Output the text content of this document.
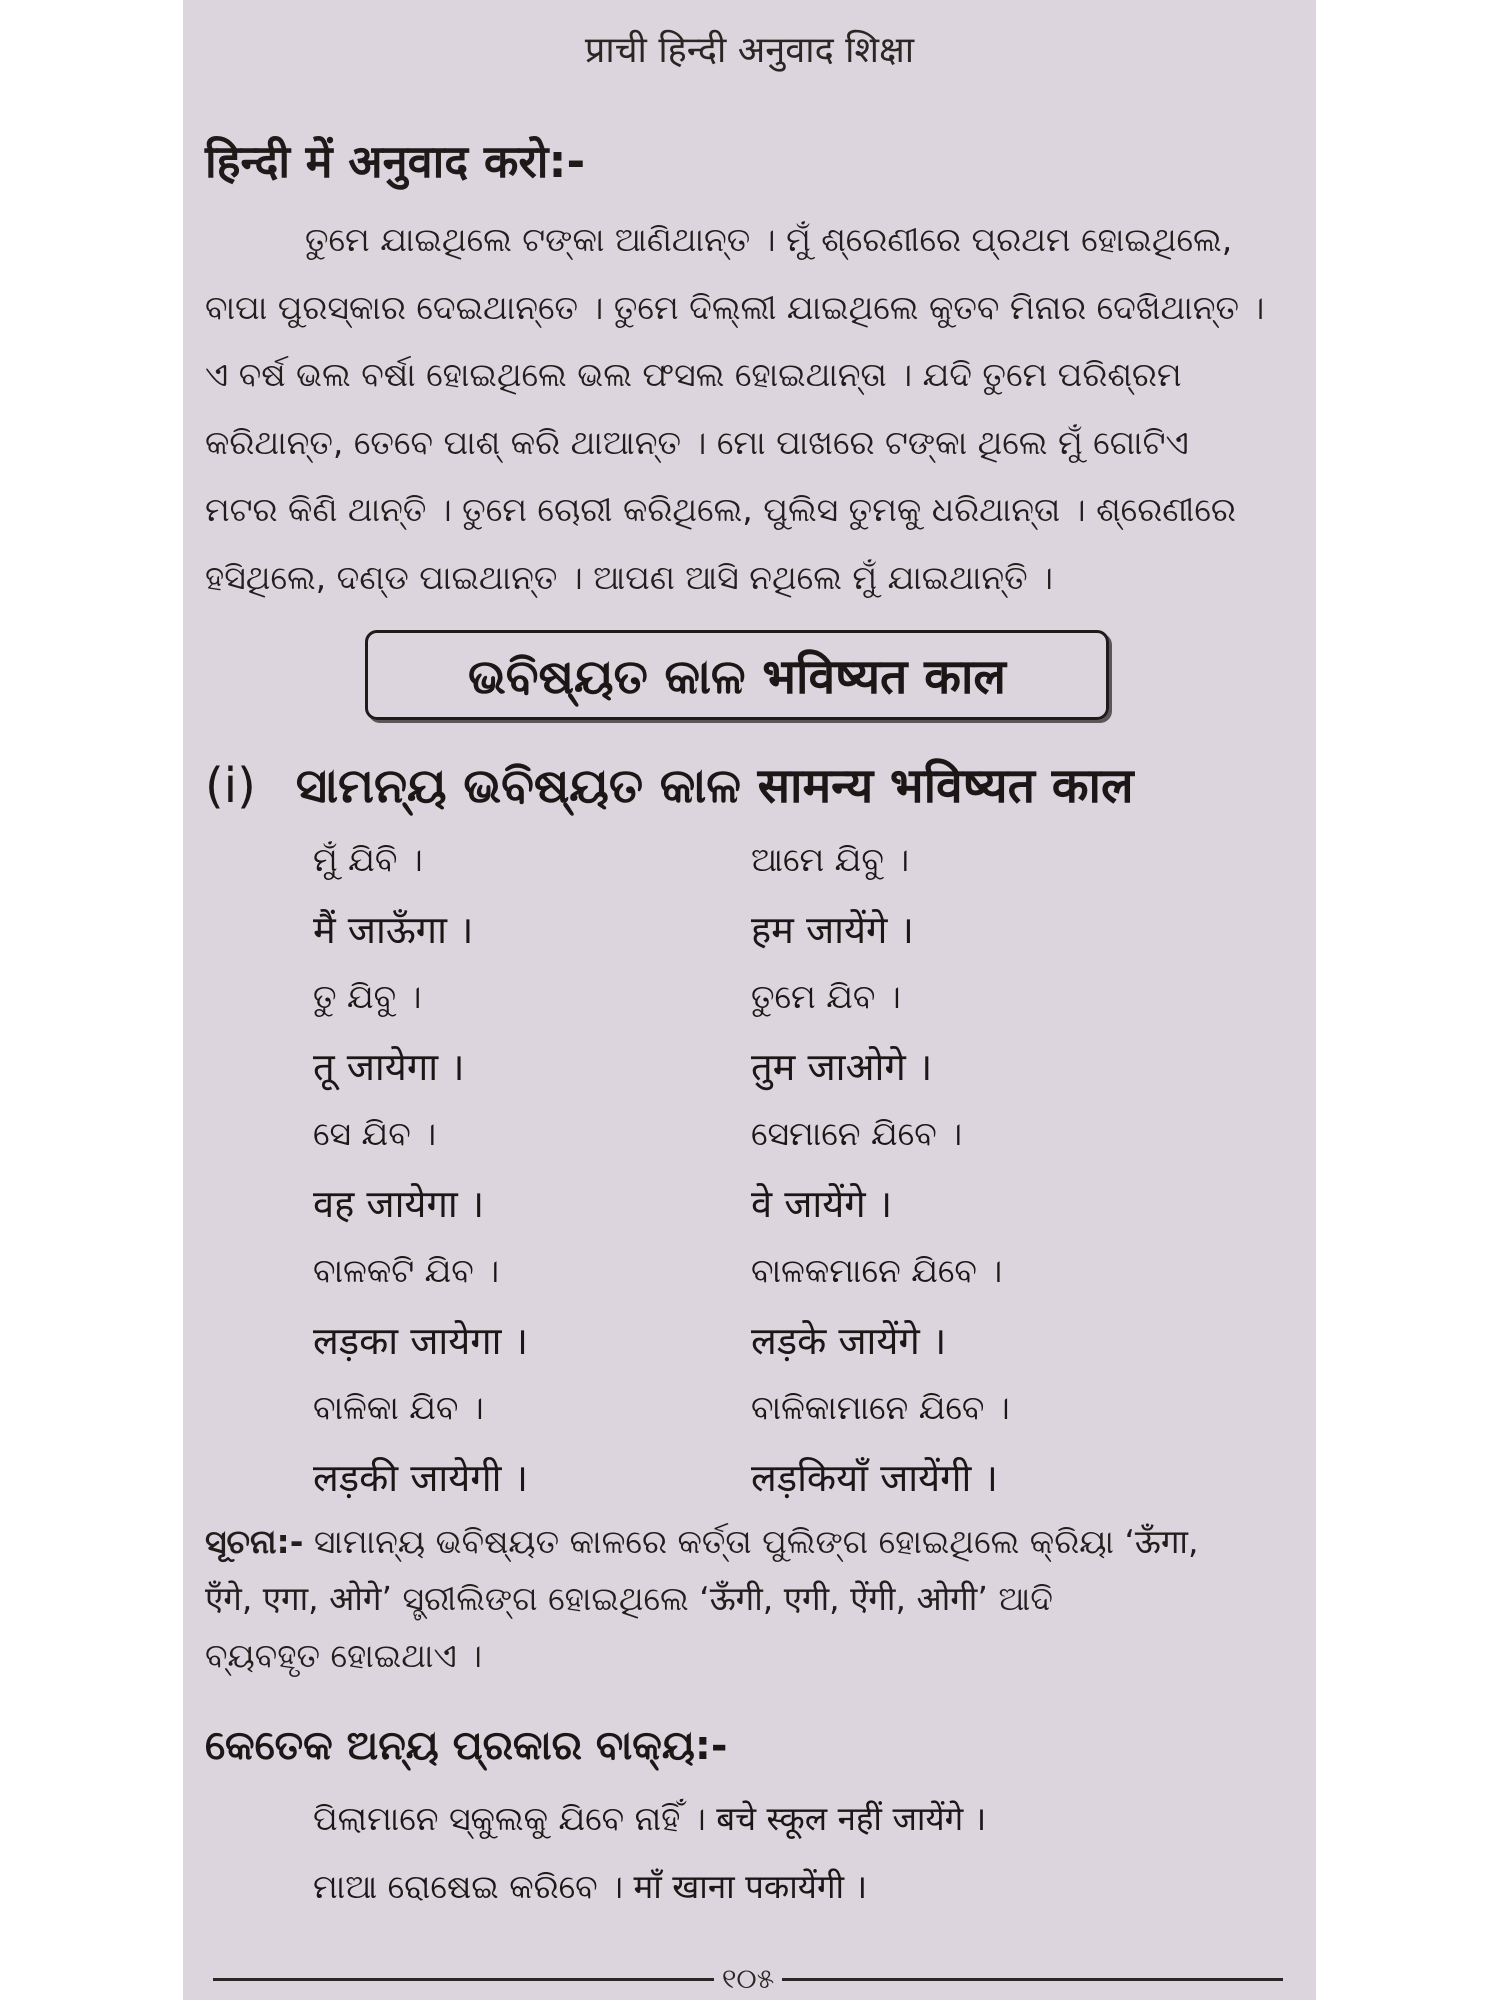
प्राची हिन्दी अनुवाद शिक्षा
हिन्दी में अनुवाद करो:-
ତୁମେ ଯାଇଥିଲେ ଟଙ୍କା ଆଣିଥାନ୍ତ । ମୁଁ ଶ୍ରେଣୀରେ ପ୍ରଥମ ହୋଇଥିଲେ,
ବାପା ପୁରସ୍କାର ଦେଇଥାନ୍ତେ । ତୁମେ ଦିଲ୍ଲୀ ଯାଇଥିଲେ କୁତବ ମିନାର ଦେଖିଥାନ୍ତ ।
ଏ ବର୍ଷ ଭଲ ବର୍ଷା ହୋଇଥିଲେ ଭଲ ଫସଲ ହୋଇଥାନ୍ତା । ଯଦି ତୁମେ ପରିଶ୍ରମ
କରିଥାନ୍ତ, ତେବେ ପାଶ୍ କରି ଥାଆନ୍ତ । ମୋ ପାଖରେ ଟଙ୍କା ଥିଲେ ମୁଁ ଗୋଟିଏ
ମଟର କିଣି ଥାନ୍ତି । ତୁମେ ଚୋରୀ କରିଥିଲେ, ପୁଲିସ ତୁମକୁ ଧରିଥାନ୍ତା । ଶ୍ରେଣୀରେ
ହସିଥିଲେ, ଦଣ୍ଡ ପାଇଥାନ୍ତ । ଆପଣ ଆସି ନଥିଲେ ମୁଁ ଯାଇଥାନ୍ତି ।
ଭବିଷ୍ୟତ କାଳ भविष्यत काल
(i) ସାମନ୍ୟ ଭବିଷ୍ୟତ କାଳ सामन्य भविष्यत काल
ମୁଁ ଯିବି ।	ଆମେ ଯିବୁ ।
मैं जाऊँगा ।	हम जायेंगे ।
ତୁ ଯିବୁ ।	ତୁମେ ଯିବ ।
तू जायेगा ।	तुम जाओगे ।
ସେ ଯିବ ।	ସେମାନେ ଯିବେ ।
वह जायेगा ।	वे जायेंगे ।
ବାଳକଟି ଯିବ ।	ବାଳକମାନେ ଯିବେ ।
लड़का जायेगा ।	लड़के जायेंगे ।
ବାଳିକା ଯିବ ।	ବାଳିକାମାନେ ଯିବେ ।
लड़की जायेगी ।	लड़कियाँ जायेंगी ।
ସୂଚନା:- ସାମାନ୍ୟ ଭବିଷ୍ୟତ କାଳରେ କର୍ତ୍ତା ପୁଲିଙ୍ଗ ହୋଇଥିଲେ କ୍ରିୟା ‘ऊँगा,
एँगे, एगा, ओगे’ ସ୍ତ୍ରୀଲିଙ୍ଗ ହୋଇଥିଲେ ‘ऊँगी, एगी, ऐंगी, ओगी’ ଆଦି
ବ୍ୟବହୃତ ହୋଇଥାଏ ।
କେତେକ ଅନ୍ୟ ପ୍ରକାର ବାକ୍ୟ:-
ପିଲାମାନେ ସ୍କୁଲକୁ ଯିବେ ନାହିଁ । बचे स्कूल नहीं जायेंगे ।
ମାଆ ରୋଷେଇ କରିବେ । माँ खाना पकायेंगी ।
୧୦୫
